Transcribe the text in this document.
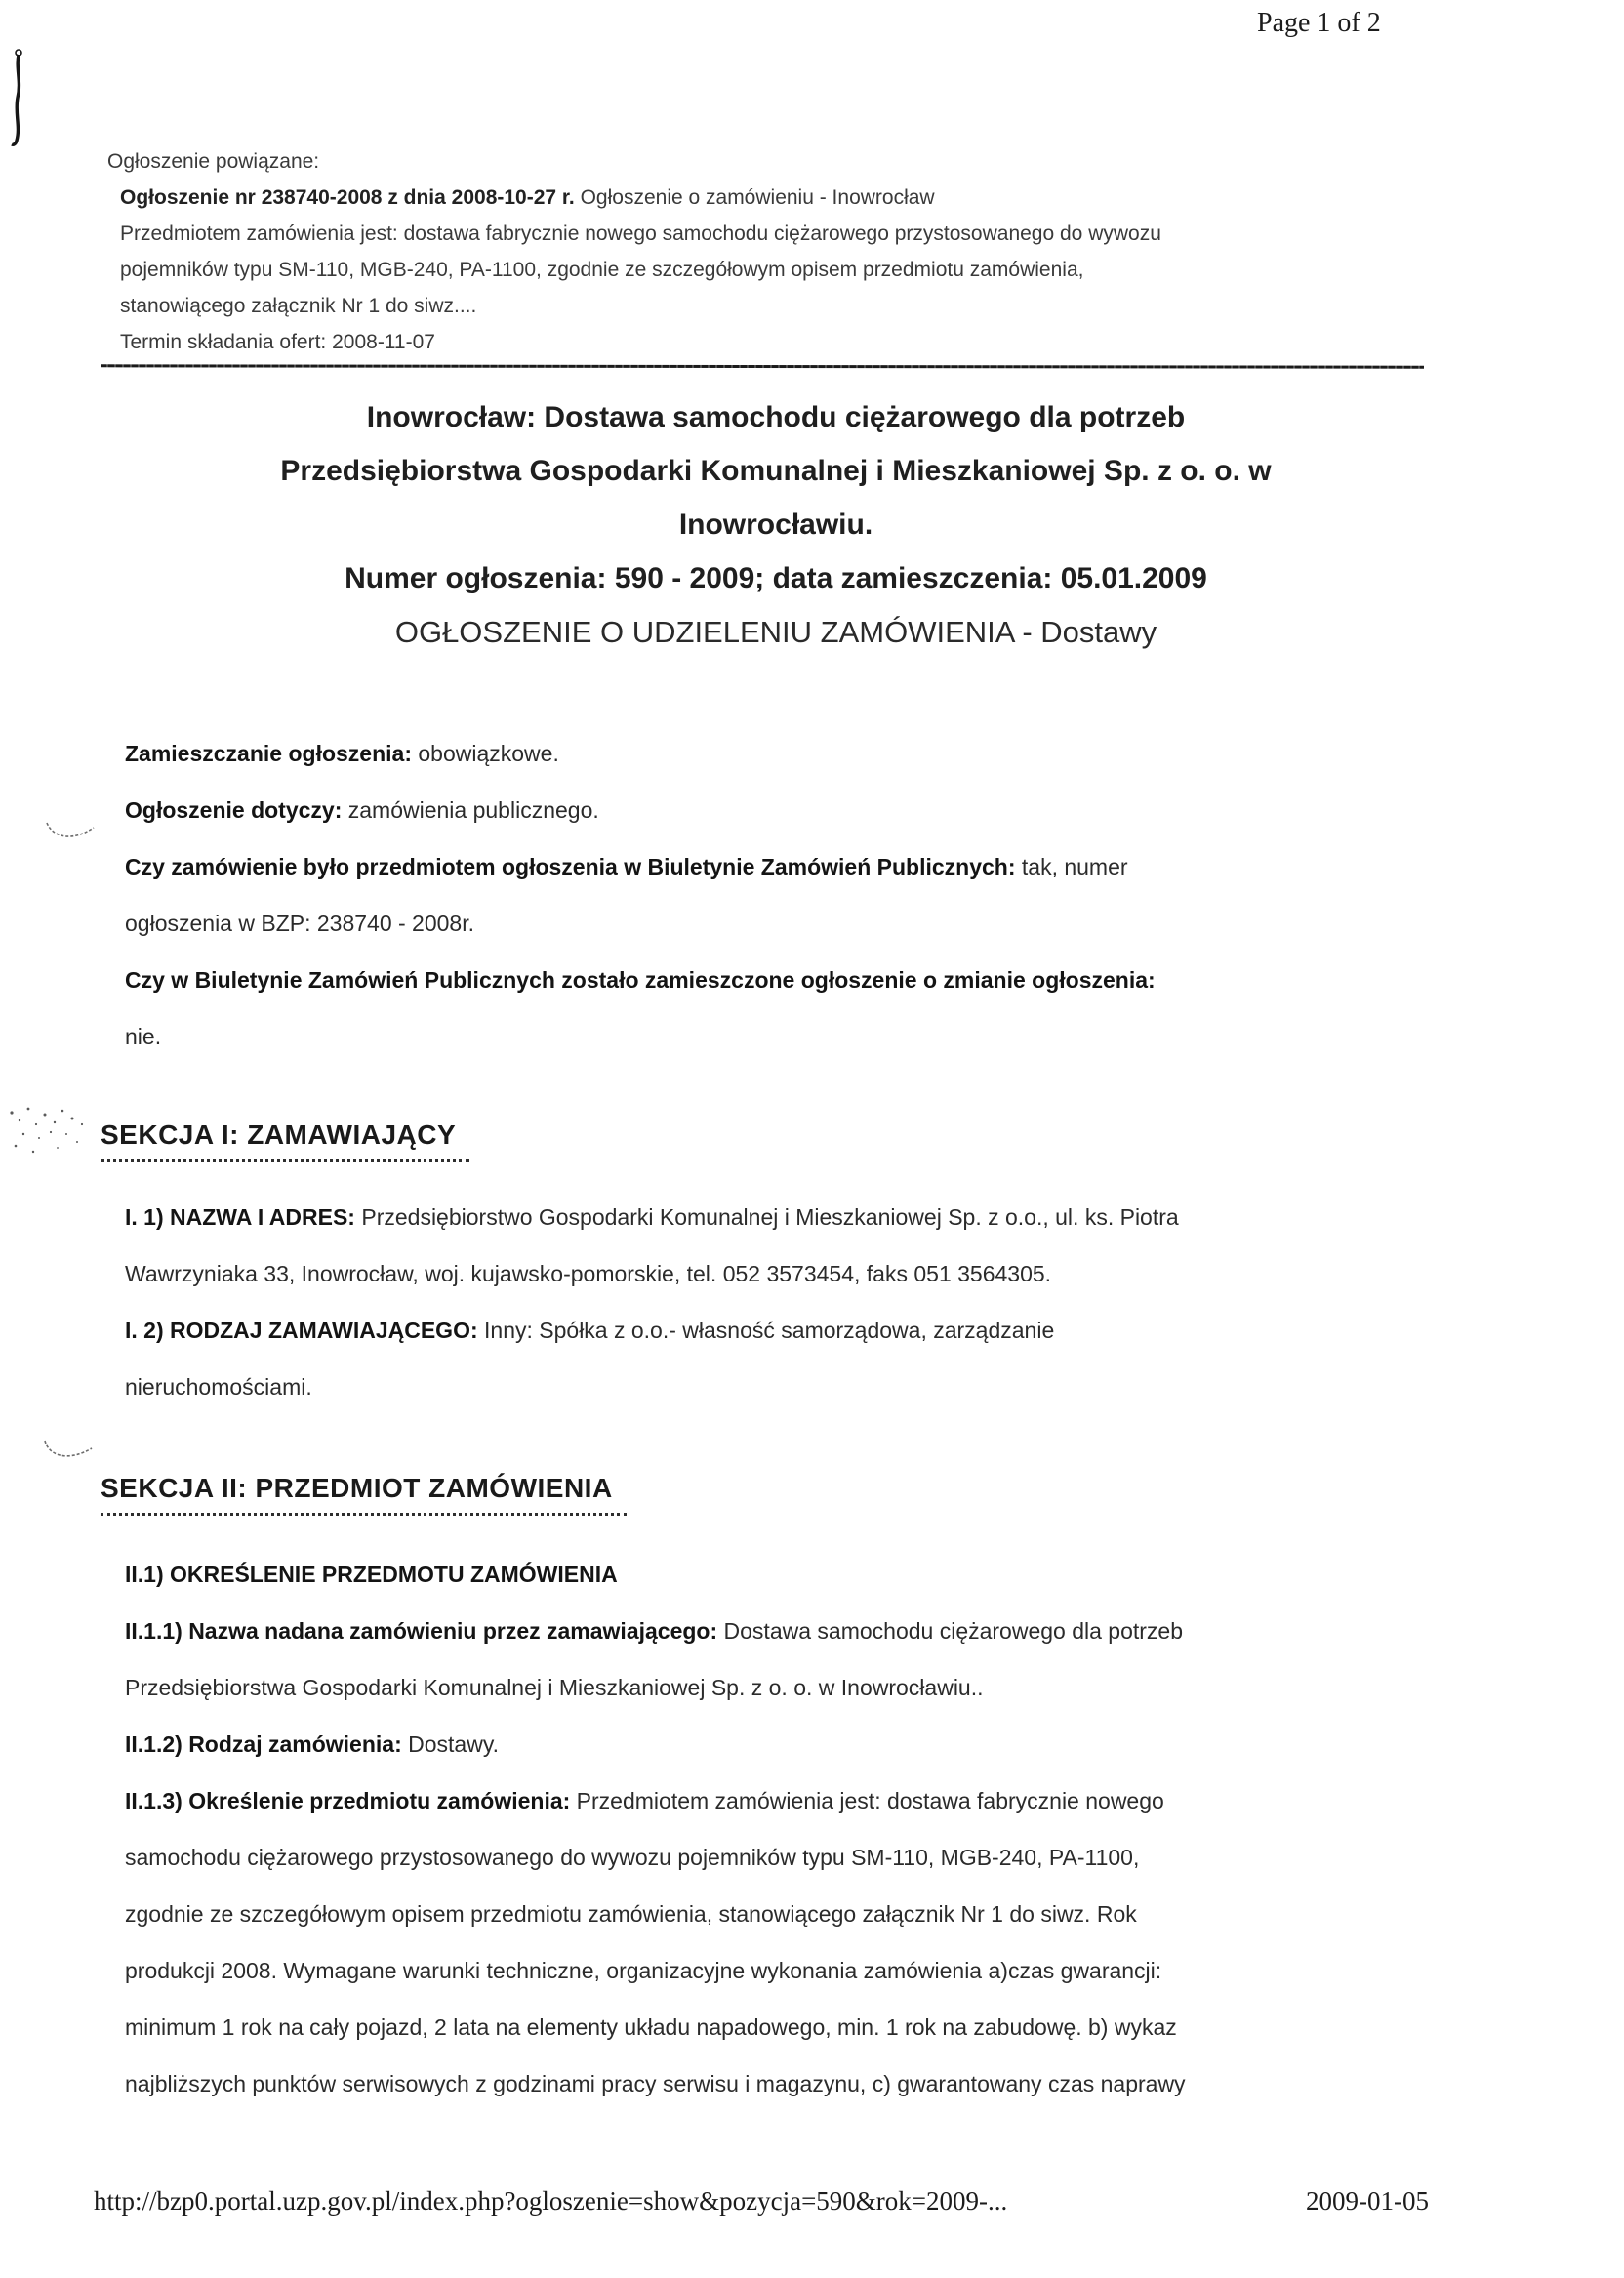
Page 1 of 2
Ogłoszenie powiązane:
Ogłoszenie nr 238740-2008 z dnia 2008-10-27 r. Ogłoszenie o zamówieniu - Inowrocław
Przedmiotem zamówienia jest: dostawa fabrycznie nowego samochodu ciężarowego przystosowanego do wywozu
pojemników typu SM-110, MGB-240, PA-1100, zgodnie ze szczegółowym opisem przedmiotu zamówienia,
stanowiącego załącznik Nr 1 do siwz....
Termin składania ofert: 2008-11-07
Inowrocław: Dostawa samochodu ciężarowego dla potrzeb
Przedsiębiorstwa Gospodarki Komunalnej i Mieszkaniowej Sp. z o. o. w
Inowrocławiu.
Numer ogłoszenia: 590 - 2009; data zamieszczenia: 05.01.2009
OGŁOSZENIE O UDZIELENIU ZAMÓWIENIA - Dostawy
Zamieszczanie ogłoszenia: obowiązkowe.
Ogłoszenie dotyczy: zamówienia publicznego.
Czy zamówienie było przedmiotem ogłoszenia w Biuletynie Zamówień Publicznych: tak, numer
ogłoszenia w BZP: 238740 - 2008r.
Czy w Biuletynie Zamówień Publicznych zostało zamieszczone ogłoszenie o zmianie ogłoszenia:
nie.
SEKCJA I: ZAMAWIAJĄCY
I. 1) NAZWA I ADRES: Przedsiębiorstwo Gospodarki Komunalnej i Mieszkaniowej Sp. z o.o., ul. ks. Piotra
Wawrzyniaka 33, Inowrocław, woj. kujawsko-pomorskie, tel. 052 3573454, faks 051 3564305.
I. 2) RODZAJ ZAMAWIAJĄCEGO: Inny: Spółka z o.o.- własność samorządowa, zarządzanie
nieruchomościami.
SEKCJA II: PRZEDMIOT ZAMÓWIENIA
II.1) OKREŚLENIE PRZEDMOTU ZAMÓWIENIA
II.1.1) Nazwa nadana zamówieniu przez zamawiającego: Dostawa samochodu ciężarowego dla potrzeb
Przedsiębiorstwa Gospodarki Komunalnej i Mieszkaniowej Sp. z o. o. w Inowrocławiu..
II.1.2) Rodzaj zamówienia: Dostawy.
II.1.3) Określenie przedmiotu zamówienia: Przedmiotem zamówienia jest: dostawa fabrycznie nowego
samochodu ciężarowego przystosowanego do wywozu pojemników typu SM-110, MGB-240, PA-1100,
zgodnie ze szczegółowym opisem przedmiotu zamówienia, stanowiącego załącznik Nr 1 do siwz. Rok
produkcji 2008. Wymagane warunki techniczne, organizacyjne wykonania zamówienia a)czas gwarancji:
minimum 1 rok na cały pojazd, 2 lata na elementy układu napadowego, min. 1 rok na zabudowę. b) wykaz
najbliższych punktów serwisowych z godzinami pracy serwisu i magazynu, c) gwarantowany czas naprawy
http://bzp0.portal.uzp.gov.pl/index.php?ogloszenie=show&pozycja=590&rok=2009-...	2009-01-05
